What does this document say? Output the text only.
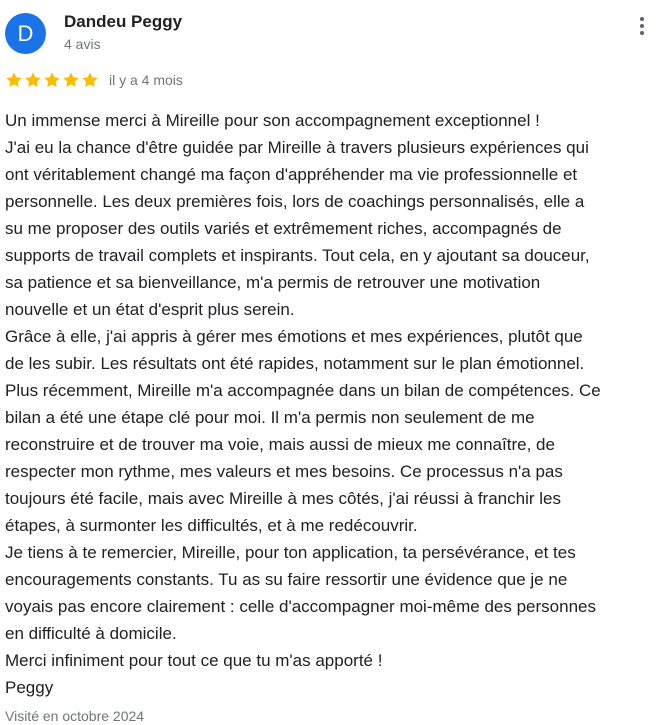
D	Dandeu Peggy
4 avis
il y a 4 mois
Un immense merci à Mireille pour son accompagnement exceptionnel !
J'ai eu la chance d'être guidée par Mireille à travers plusieurs expériences qui
ont véritablement changé ma façon d'appréhender ma vie professionnelle et
personnelle. Les deux premières fois, lors de coachings personnalisés, elle a
su me proposer des outils variés et extrêmement riches, accompagnés de
supports de travail complets et inspirants. Tout cela, en y ajoutant sa douceur,
sa patience et sa bienveillance, m'a permis de retrouver une motivation
nouvelle et un état d'esprit plus serein.
Grâce à elle, j'ai appris à gérer mes émotions et mes expériences, plutôt que
de les subir. Les résultats ont été rapides, notamment sur le plan émotionnel.
Plus récemment, Mireille m'a accompagnée dans un bilan de compétences. Ce
bilan a été une étape clé pour moi. Il m'a permis non seulement de me
reconstruire et de trouver ma voie, mais aussi de mieux me connaître, de
respecter mon rythme, mes valeurs et mes besoins. Ce processus n'a pas
toujours été facile, mais avec Mireille à mes côtés, j'ai réussi à franchir les
étapes, à surmonter les difficultés, et à me redécouvrir.
Je tiens à te remercier, Mireille, pour ton application, ta persévérance, et tes
encouragements constants. Tu as su faire ressortir une évidence que je ne
voyais pas encore clairement : celle d'accompagner moi-même des personnes
en difficulté à domicile.
Merci infiniment pour tout ce que tu m'as apporté !
Peggy
Visité en octobre 2024
